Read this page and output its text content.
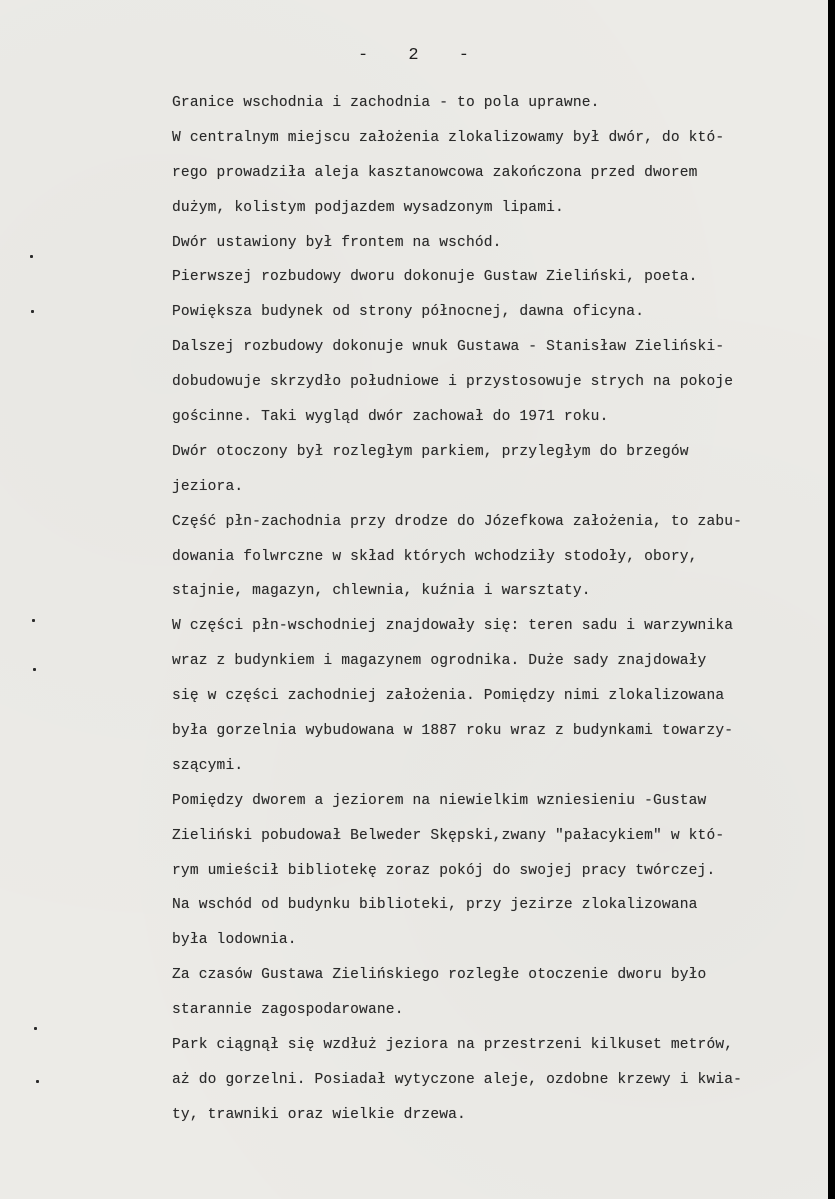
- 2 -
Granice wschodnia i zachodnia - to pola uprawne.
W centralnym miejscu założenia zlokalizowamy był dwór, do któ-
rego prowadziła aleja kasztanowcowa zakończona przed dworem
dużym, kolistym podjazdem wysadzonym lipami.
Dwór ustawiony był frontem na wschód.
Pierwszej rozbudowy dworu dokonuje Gustaw Zieliński, poeta.
Powiększa budynek od strony północnej, dawna oficyna.
Dalszej rozbudowy dokonuje wnuk Gustawa - Stanisław Zieliński-
dobudowuje skrzydło południowe i przystosowuje strych na pokoje
gościnne. Taki wygląd dwór zachował do 1971 roku.
Dwór otoczony był rozległym parkiem, przyległym do brzegów
jeziora.
Część płn-zachodnia przy drodze do Józefkowa założenia, to zabu-
dowania folwrczne w skład których wchodziły stodoły, obory,
stajnie, magazyn, chlewnia, kuźnia i warsztaty.
W części płn-wschodniej znajdowały się: teren sadu i warzywnika
wraz z budynkiem i magazynem ogrodnika. Duże sady znajdowały
się w części zachodniej założenia. Pomiędzy nimi zlokalizowana
była gorzelnia wybudowana w 1887 roku wraz z budynkami towarzy-
szącymi.
Pomiędzy dworem a jeziorem na niewielkim wzniesieniu -Gustaw
Zieliński pobudował Belweder Skępski,zwany "pałacykiem" w któ-
rym umieścił bibliotekę zoraz pokój do swojej pracy twórczej.
Na wschód od budynku biblioteki, przy jezirze zlokalizowana
była lodownia.
Za czasów Gustawa Zielińskiego rozległe otoczenie dworu było
starannie zagospodarowane.
Park ciągnął się wzdłuż jeziora na przestrzeni kilkuset metrów,
aż do gorzelni. Posiadał wytyczone aleje, ozdobne krzewy i kwia-
ty, trawniki oraz wielkie drzewa.
